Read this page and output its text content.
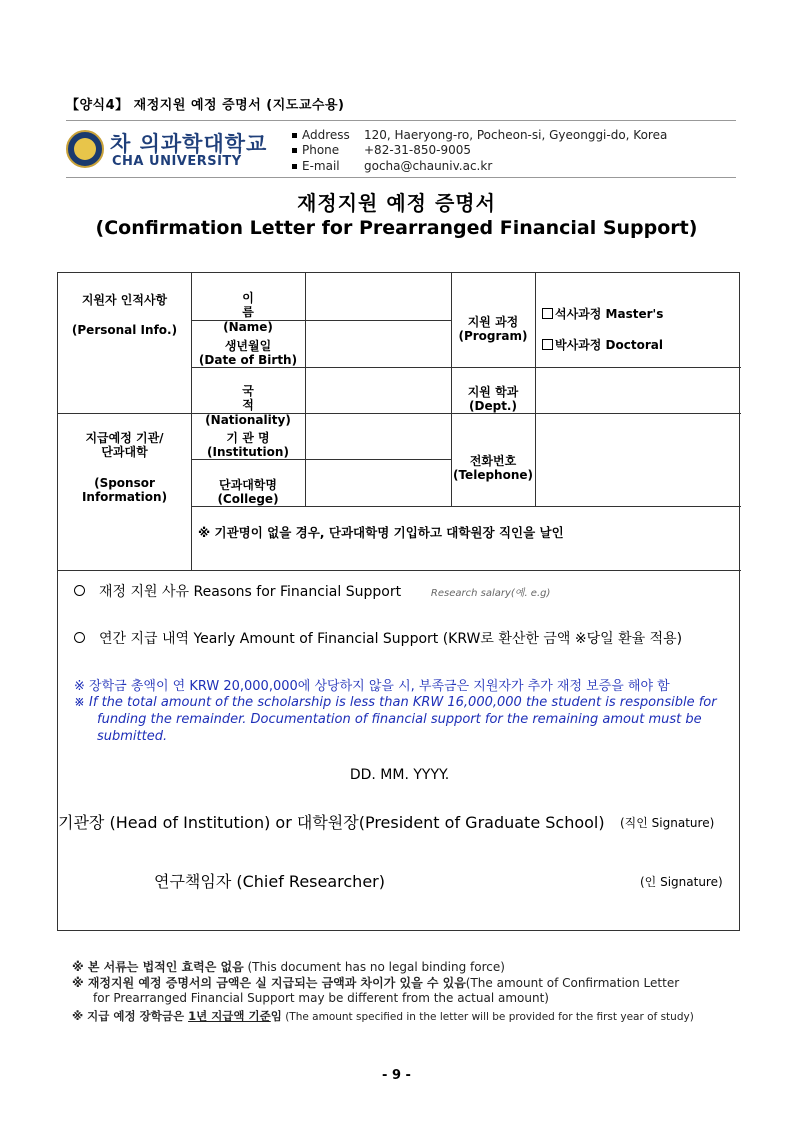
【양식4】 재정지원 예정 증명서 (지도교수용)
차 의과학대학교
CHA UNIVERSITY
Address 120, Haeryong-ro, Pocheon-si, Gyeonggi-do, Korea
Phone +82-31-850-9005
E-mail gocha@chauniv.ac.kr
재정지원 예정 증명서
(Confirmation Letter for Prearranged Financial Support)
지원자 인적사항
(Personal Info.)
이 름
(Name)
생년월일
(Date of Birth)
국 적
(Nationality)
지원 과정
(Program)
석사과정 Master's
박사과정 Doctoral
지원 학과
(Dept.)
지급예정 기관/
단과대학
(Sponsor
Information)
기 관 명
(Institution)
단과대학명
(College)
전화번호
(Telephone)
※ 기관명이 없을 경우, 단과대학명 기입하고 대학원장 직인을 날인
재정 지원 사유 Reasons for Financial Support	Research salary(예. e.g)
연간 지급 내역 Yearly Amount of Financial Support (KRW로 환산한 금액 ※당일 환율 적용)
※ 장학금 총액이 연 KRW 20,000,000에 상당하지 않을 시, 부족금은 지원자가 추가 재정 보증을 해야 함
※ If the total amount of the scholarship is less than KRW 16,000,000 the student is responsible for
funding the remainder. Documentation of financial support for the remaining amout must be
submitted.
DD. MM. YYYY.
기관장 (Head of Institution) or 대학원장(President of Graduate School) (직인 Signature)
연구책임자 (Chief Researcher)	(인 Signature)
※ 본 서류는 법적인 효력은 없음 (This document has no legal binding force)
※ 재정지원 예정 증명서의 금액은 실 지급되는 금액과 차이가 있을 수 있음(The amount of Confirmation Letter
for Prearranged Financial Support may be different from the actual amount)
※ 지급 예정 장학금은 1년 지급액 기준임 (The amount specified in the letter will be provided for the first year of study)
- 9 -
